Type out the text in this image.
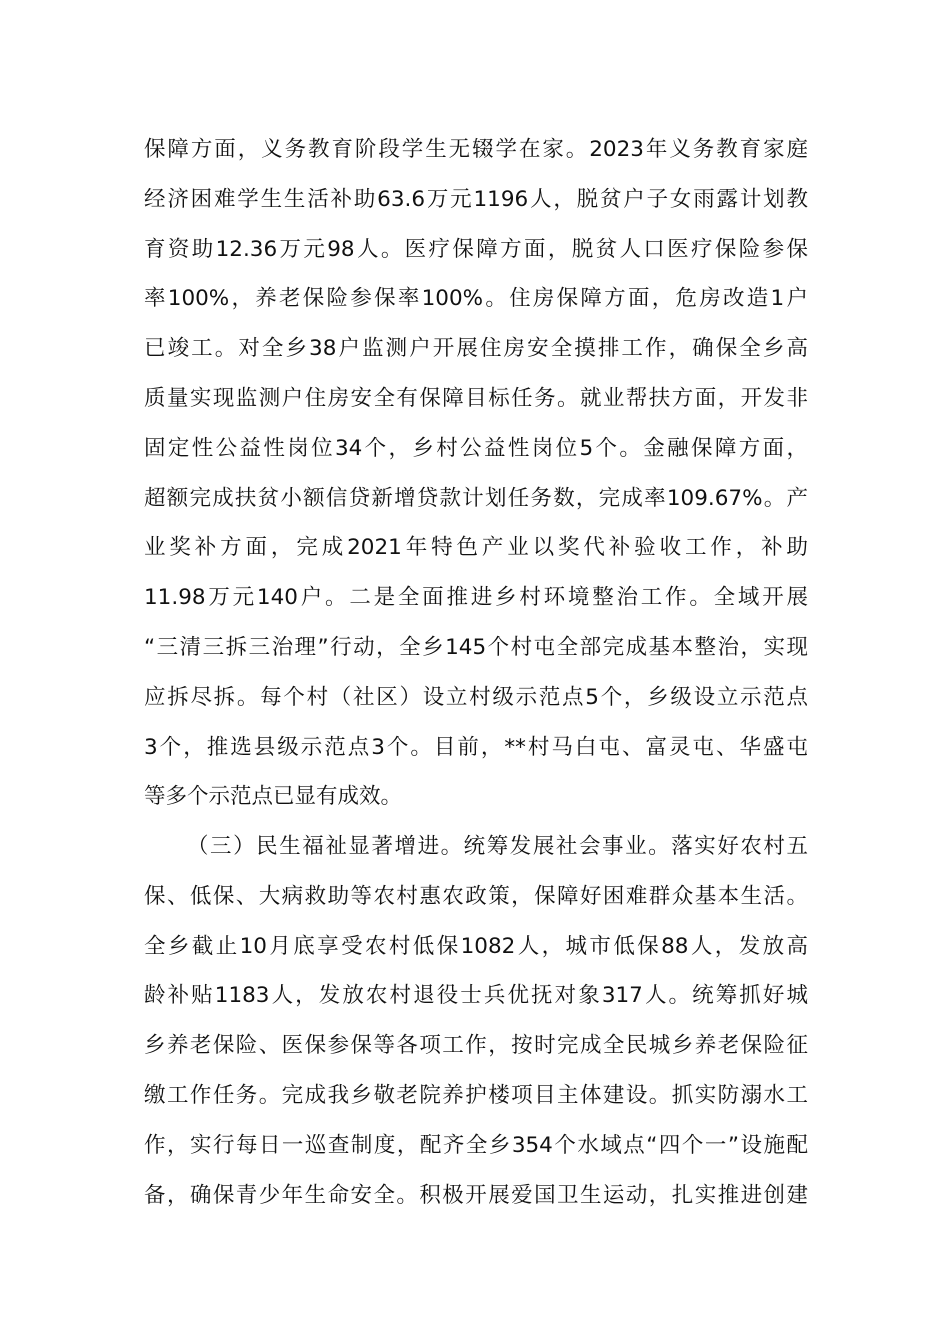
保障方面，义务教育阶段学生无辍学在家。2023年义务教育家庭
经济困难学生生活补助63.6万元1196人，脱贫户子女雨露计划教
育资助12.36万元98人。医疗保障方面，脱贫人口医疗保险参保
率100%，养老保险参保率100%。住房保障方面，危房改造1户
已竣工。对全乡38户监测户开展住房安全摸排工作，确保全乡高
质量实现监测户住房安全有保障目标任务。就业帮扶方面，开发非
固定性公益性岗位34个，乡村公益性岗位5个。金融保障方面，
超额完成扶贫小额信贷新增贷款计划任务数，完成率109.67%。产
业奖补方面，完成2021年特色产业以奖代补验收工作，补助
11.98万元140户。二是全面推进乡村环境整治工作。全域开展
“三清三拆三治理”行动，全乡145个村屯全部完成基本整治，实现
应拆尽拆。每个村（社区）设立村级示范点5个，乡级设立示范点
3个，推选县级示范点3个。目前，**村马白屯、富灵屯、华盛屯
等多个示范点已显有成效。
（三）民生福祉显著增进。统筹发展社会事业。落实好农村五
保、低保、大病救助等农村惠农政策，保障好困难群众基本生活。
全乡截止10月底享受农村低保1082人，城市低保88人，发放高
龄补贴1183人，发放农村退役士兵优抚对象317人。统筹抓好城
乡养老保险、医保参保等各项工作，按时完成全民城乡养老保险征
缴工作任务。完成我乡敬老院养护楼项目主体建设。抓实防溺水工
作，实行每日一巡查制度，配齐全乡354个水域点“四个一”设施配
备，确保青少年生命安全。积极开展爱国卫生运动，扎实推进创建
